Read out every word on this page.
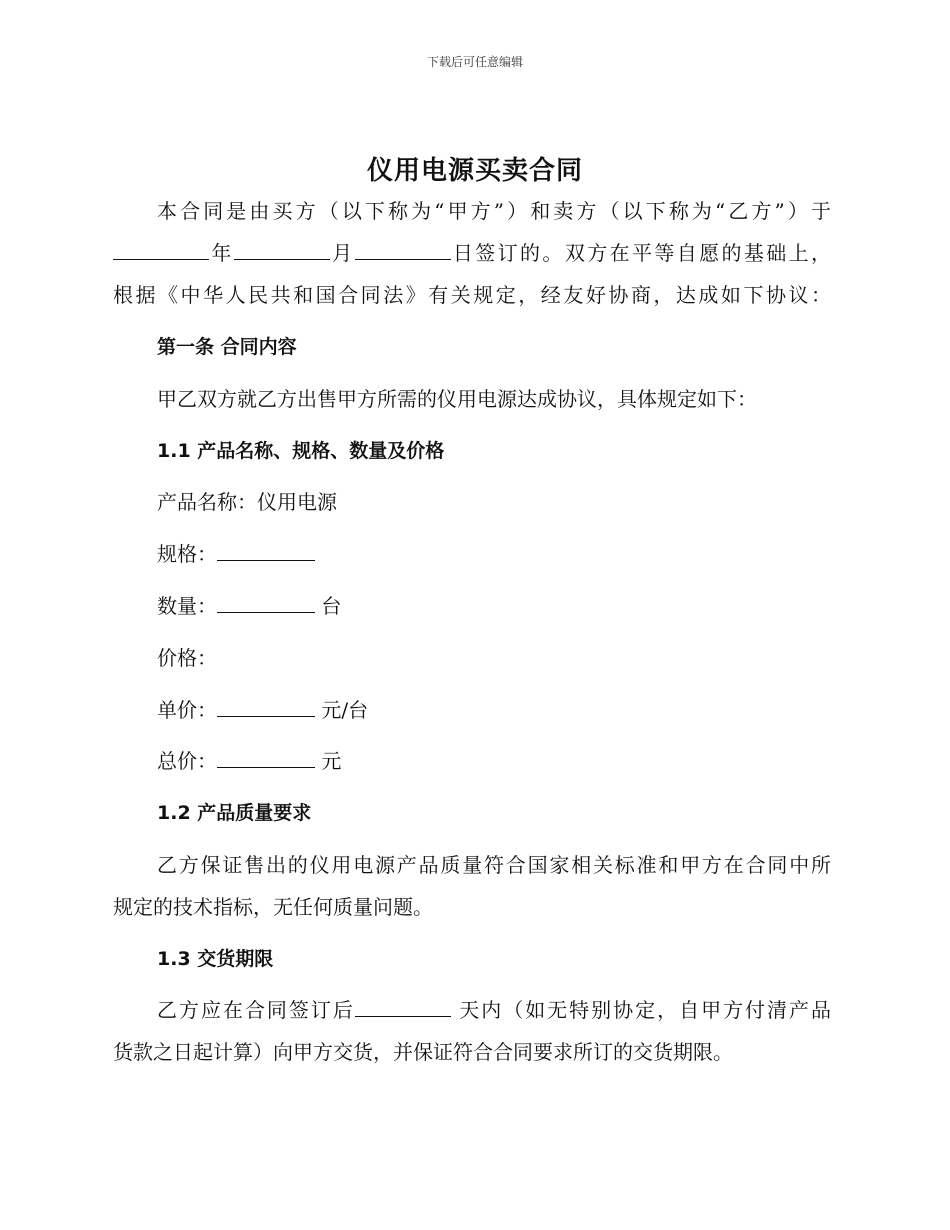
下载后可任意编辑
仪用电源买卖合同
本合同是由买方（以下称为“甲方”）和卖方（以下称为“乙方”）于
年	月	日签订的。双方在平等自愿的基础上，
根据《中华人民共和国合同法》有关规定，经友好协商，达成如下协议：
第一条 合同内容
甲乙双方就乙方出售甲方所需的仪用电源达成协议，具体规定如下：
1.1 产品名称、规格、数量及价格
产品名称：仪用电源
规格：
数量：	台
价格：
单价：	元/台
总价：	元
1.2 产品质量要求
乙方保证售出的仪用电源产品质量符合国家相关标准和甲方在合同中所
规定的技术指标，无任何质量问题。
1.3 交货期限
乙方应在合同签订后	天内（如无特别协定，自甲方付清产品
货款之日起计算）向甲方交货，并保证符合合同要求所订的交货期限。
